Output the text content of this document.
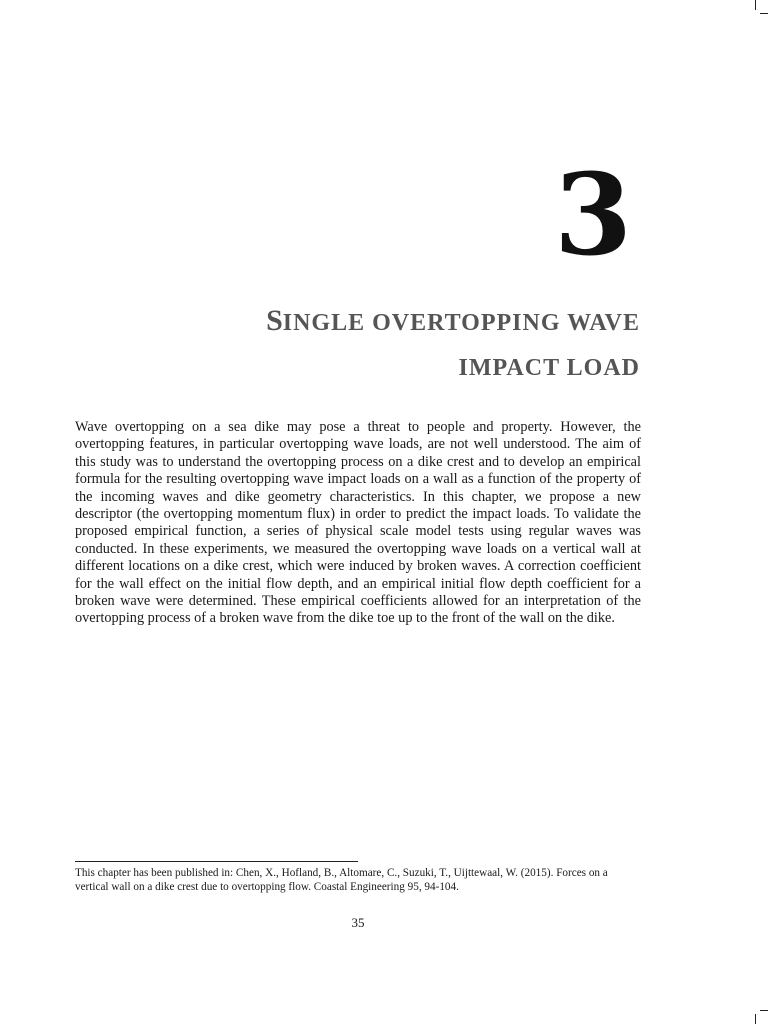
3
SINGLE OVERTOPPING WAVE
IMPACT LOAD

Wave overtopping on a sea dike may pose a threat to people and property. However, the overtopping features, in particular overtopping wave loads, are not well understood. The aim of this study was to understand the overtopping process on a dike crest and to develop an empirical formula for the resulting overtopping wave impact loads on a wall as a function of the property of the incoming waves and dike geometry characteristics. In this chapter, we propose a new descriptor (the overtopping momentum flux) in order to predict the impact loads. To validate the proposed empirical function, a series of physical scale model tests using regular waves was conducted. In these experiments, we measured the overtopping wave loads on a vertical wall at different locations on a dike crest, which were induced by broken waves. A correction coefficient for the wall effect on the initial flow depth, and an empirical initial flow depth coefficient for a broken wave were determined. These empirical coefficients allowed for an interpretation of the overtopping process of a broken wave from the dike toe up to the front of the wall on the dike.

This chapter has been published in: Chen, X., Hofland, B., Altomare, C., Suzuki, T., Uijttewaal, W. (2015). Forces on a vertical wall on a dike crest due to overtopping flow. Coastal Engineering 95, 94-104.

35
